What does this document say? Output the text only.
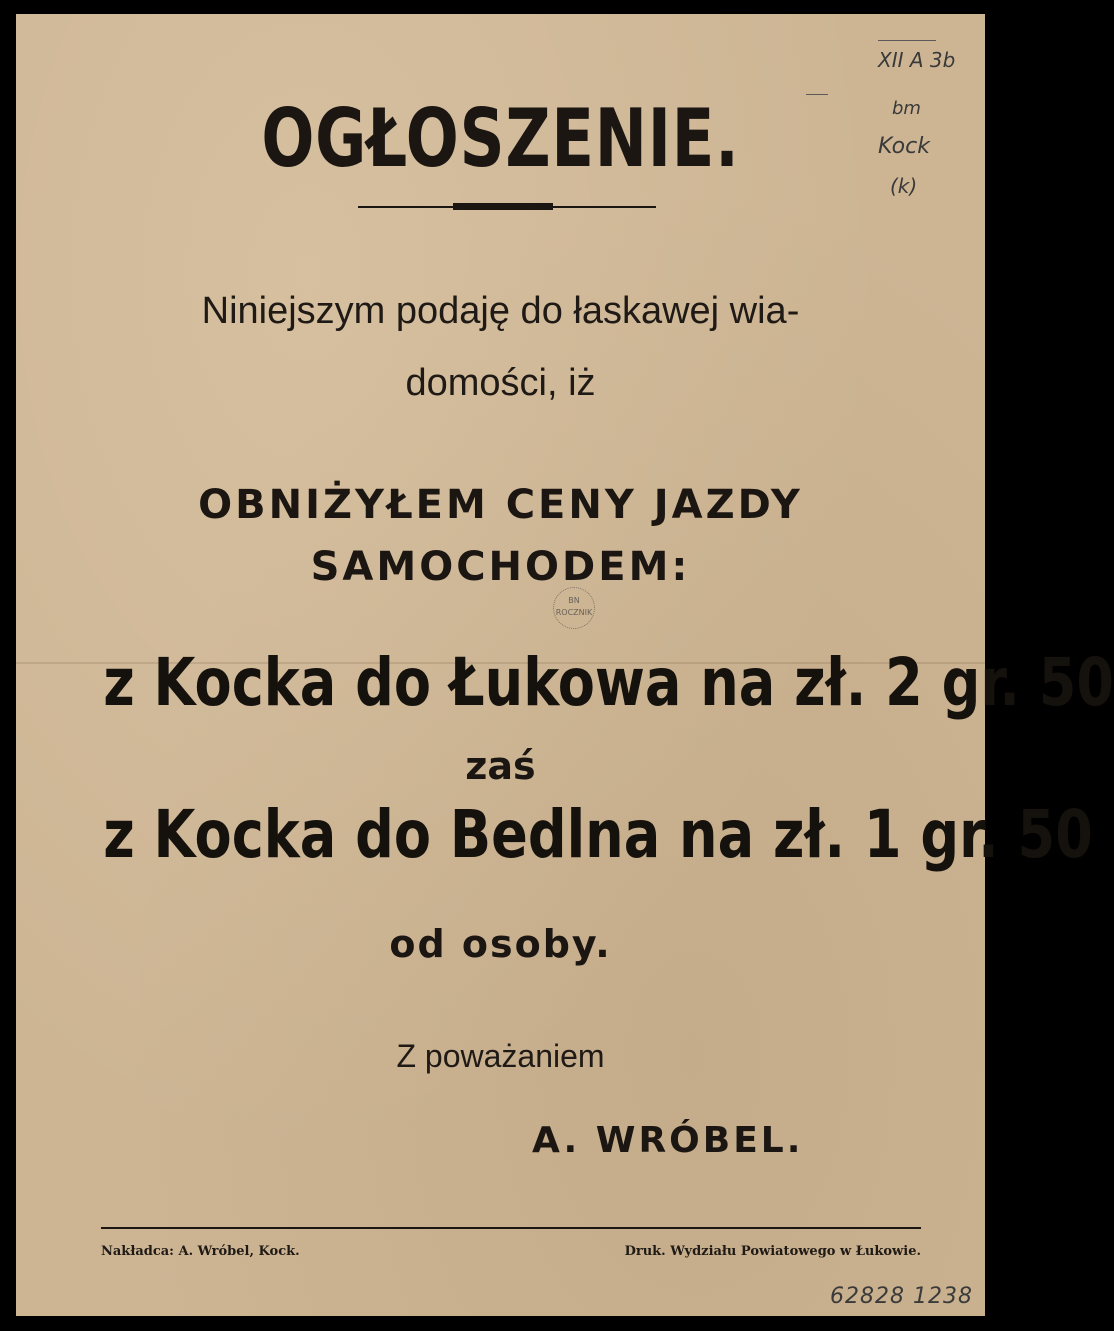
XII A 3b
bm
Kock
(k)
OGŁOSZENIE.
Niniejszym podaję do łaskawej wia-
domości, iż
OBNIŻYŁEM CENY JAZDY
SAMOCHODEM:
BN
ROCZNIK
z Kocka do Łukowa na zł. 2 gr. 50
zaś
z Kocka do Bedlna na zł. 1 gr. 50
od osoby.
Z poważaniem
A. WRÓBEL.
Nakładca: A. Wróbel, Kock.	Druk. Wydziału Powiatowego w Łukowie.
62828 1238
